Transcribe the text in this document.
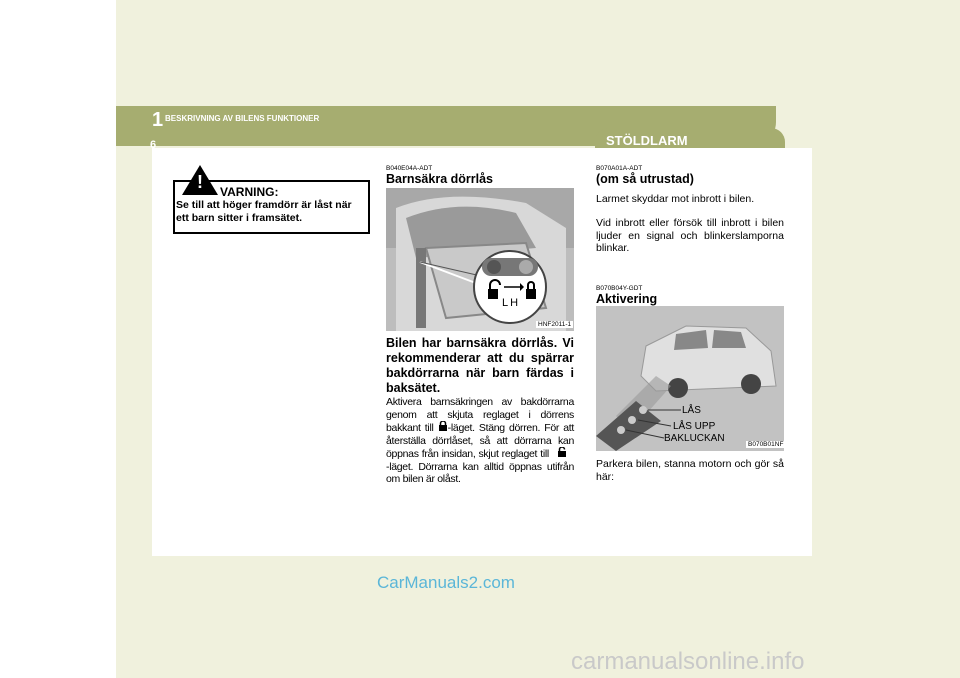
1 BESKRIVNING AV BILENS FUNKTIONER
6	STÖLDLARM
!	VARNING:
Se till att höger framdörr är låst när ett barn sitter i framsätet.
B040E04A-ADT
Barnsäkra dörrlås
LH
HNF2011-1
Bilen har barnsäkra dörrlås. Vi rekommenderar att du spärrar bakdörrarna när barn färdas i baksätet.
Aktivera barnsäkringen av bakdörrarna genom att skjuta reglaget i dörrens bakkant till -läget. Stäng dörren. För att återställa dörrlåset, så att dörrarna kan öppnas från insidan, skjut reglaget till -läget. Dörrarna kan alltid öppnas utifrån om bilen är olåst.
B070A01A-ADT
(om så utrustad)
Larmet skyddar mot inbrott i bilen.
Vid inbrott eller försök till inbrott i bilen ljuder en signal och blinkerslamporna blinkar.
B070B04Y-GDT
Aktivering
LÅS
LÅS UPP
BAKLUCKAN
B070B01NF
Parkera bilen, stanna motorn och gör så här:
CarManuals2.com
carmanualsonline.info
